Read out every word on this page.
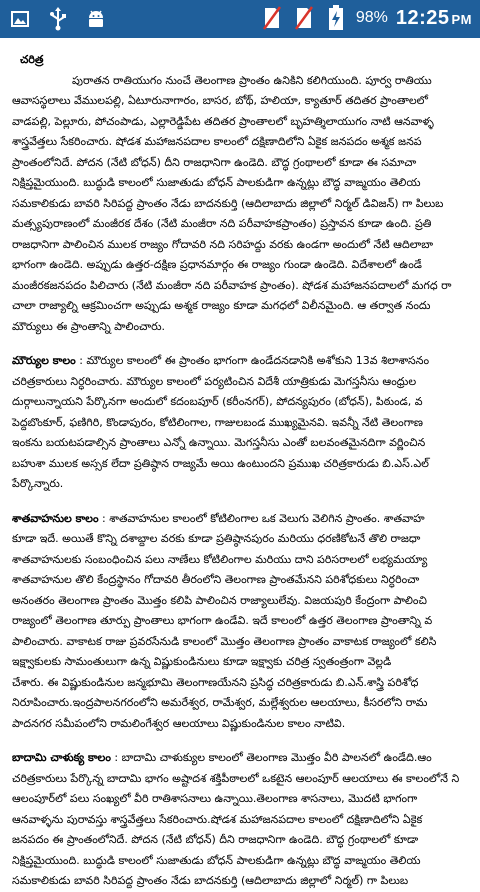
98% 12:25 PM
చరిత్ర

పురాతన రాతియుగం నుంచే తెలంగాణ ప్రాంతం ఉనికిని కలిగియుంది. పూర్వ రాతియు
ఆవాసస్థలాలు వేములపల్లి, ఏటూరునాగారం, బాసర, బోథ్, హలియా, క్యాతూర్ తదితర ప్రాంతాలలో
వాడపల్లి, పెల్లూరు, పోచంపాడు, ఎల్లారెడ్డిపేట తదితర ప్రాంతాలలో బృహత్శిలాయుగం నాటి ఆనవాళ్ళ
శాస్త్రవేత్తలు సేకరించారు. షోడశ మహాజనపదాల కాలంలో దక్షిణాదిలోని ఏకైక జనపదం అశ్మక జనప
ప్రాంతంలోనిదే. పోదన (నేటి బోధన్) దీని రాజధానిగా ఉండెది. బౌద్ధ గ్రంథాలలో కూడా ఈ సమాచా
నిక్షిప్తమైయుంది. బుద్ధుడి కాలంలో సుజాతుడు బోధన్ పాలకుడిగా ఉన్నట్లు బౌద్ధ వాఙ్మయం తెలియ
సమకాలికుడు బావరి సిరిపద్ద ప్రాంతం నేడు బాదనకుర్తి (ఆదిలాబాదు జిల్లాలో నిర్మల్ డివిజన్) గా పిలుబ
మత్స్యపురాణంలో మంజీరక దేశం (నేటి మంజీరా నది పరీవాహకప్రాంతం) ప్రస్తావన కూడా ఉంది. ప్రతి
రాజధానిగా పాలించిన ములక రాజ్యం గోదావరి నది సరిహద్దు వరకు ఉండగా అందులో నేటి ఆదిలాబా
భాగంగా ఉండెది. అప్పుడు ఉత్తర-దక్షిణ ప్రధానమార్గం ఈ రాజ్యం గుండా ఉండెది. విదేశాలలో ఉండే
మంజీరకజనపదం పిలిచారు (నేటి మంజీరా నది పరీవాహక ప్రాంతం). షోడశ మహాజనపదాలలో మగధ రా
చాలా రాజ్యాల్ని ఆక్రమించగా అప్పుడు అశ్మక రాజ్యం కూడా మగధలో విలీనమైంది. ఆ తర్వాత నందు
మౌర్యులు ఈ ప్రాంతాన్ని పాలించారు.

మౌర్యుల కాలం : మౌర్యుల కాలంలో ఈ ప్రాంతం భాగంగా ఉండేదనడానికి అశోకుని 13వ శిలాశాసనం
చరిత్రకారులు నిర్ధరించారు. మౌర్యుల కాలంలో పర్యటించిన విదేశీ యాత్రికుడు మెగస్తనీసు ఆంధ్రుల
దుర్గాలున్నాయని పేర్కొనగా అందులో కదంబపూర్ (కరీంనగర్), పోదన్యపురం (బోధన్), పిఠుండ, వ
పెద్దబొంకూర్, ఫణిగిరి, కొండాపురం, కోటిలింగాల, గాజులబండ ముఖ్యమైనవి. ఇవన్నీ నేటి తెలంగాణ
ఇంకను బయటపడాల్సిన ప్రాంతాలు ఎన్నో ఉన్నాయి. మెగస్తనీసు ఎంతో బలవంతమైనదిగా వర్ణించిన
బహుశా ములక అస్సక లేదా ప్రతిష్ఠాన రాజ్యమే అయి ఉంటుందని ప్రముఖ చరిత్రకారుడు బి.ఎస్.ఎల్
పేర్కొన్నారు.

శాతవాహనుల కాలం : శాతవాహనుల కాలంలో కోటిలింగాల ఒక వెలుగు వెలిగిన ప్రాంతం. శాతవాహ
కూడా ఇదే. అయితే కొన్ని దశాబ్దాల వరకు కూడా ప్రతిష్ఠానపురం మరియు ధరణికోటనే తొలి రాజధా
శాతవాహనులకు సంబంధించిన పలు నాణేలు కోటిలింగాల మరియు దాని పరిసరాలలో లభ్యమయ్యా
శాతవాహనుల తొలి కేంద్రస్థానం గోదావరి తీరంలోని తెలంగాణ ప్రాంతమేనని పరిశోధకులు నిర్ధరించా
అనంతరం తెలంగాణ ప్రాంతం మొత్తం కలిపి పాలించిన రాజ్యాలులేవు. విజయపురి కేంద్రంగా పాలించి
రాజ్యంలో తెలంగాణ తూర్పు ప్రాంతాలు భాగంగా ఉండేవి. ఇదే కాలంలో ఉత్తర తెలంగాణ ప్రాంతాన్ని వ
పాలించారు. వాకాటక రాజు ప్రవరసేనుడి కాలంలో మొత్తం తెలంగాణ ప్రాంతం వాకాటక రాజ్యంలో కలిసి
ఇక్ష్వాకులకు సామంతులుగా ఉన్న విష్ణుకుండినులు కూడా ఇక్ష్వాకు చరిత్ర స్వతంత్రంగా వెల్లడి
చేశారు. ఈ విష్ణుకుండినుల జన్మభూమి తెలంగాణయేనని ప్రసిద్ధ చరిత్రకారుడు బి.ఎన్.శాస్త్రి పరిశోధ
నిరూపించారు.ఇంద్రపాలనగరంలోని అమరేశ్వర, రామేశ్వర, మల్లేశ్వరుల ఆలయాలు, కీసరలోని రామ
పాదనగర సమీపంలోని రామలింగేశ్వర ఆలయాలు విష్ణుకుండినుల కాలం నాటివి.

బాదామి చాళుక్య కాలం : బాదామి చాళుక్యుల కాలంలో తెలంగాణ మొత్తం వీరి పాలనలో ఉండేది.ఆం
చరిత్రకారులు పేర్కొన్న బాదామి భాగం అష్టాదశ శక్తిపీఠాలలో ఒకటైన ఆలంపూర్ ఆలయాలు ఈ కాలంలోనే ని
ఆలంపూర్‌లో పలు సంఖ్యలో వీరి రాతిశాసనాలు ఉన్నాయి.తెలంగాణ శాసనాలు, మొదటి భాగంగా
ఆనవాళ్ళను పురావస్తు శాస్త్రవేత్తలు సేకరించారు.షోడశ మహాజనపదాల కాలంలో దక్షిణాదిలోని ఏకైక
జనపదం ఈ ప్రాంతంలోనిదే. పోదన (నేటి బోధన్) దీని రాజధానిగా ఉండెది. బౌద్ధ గ్రంథాలలో కూడా
నిక్షిప్తమైయుంది. బుద్ధుడి కాలంలో సుజాతుడు బోధన్ పాలకుడిగా ఉన్నట్లు బౌద్ధ వాఙ్మయం తెలియ
సమకాలికుడు బావరి సిరిపద్ద ప్రాంతం నేడు బాదనకుర్తి (ఆదిలాబాదు జిల్లాలో నిర్మల్) గా పిలుబ
